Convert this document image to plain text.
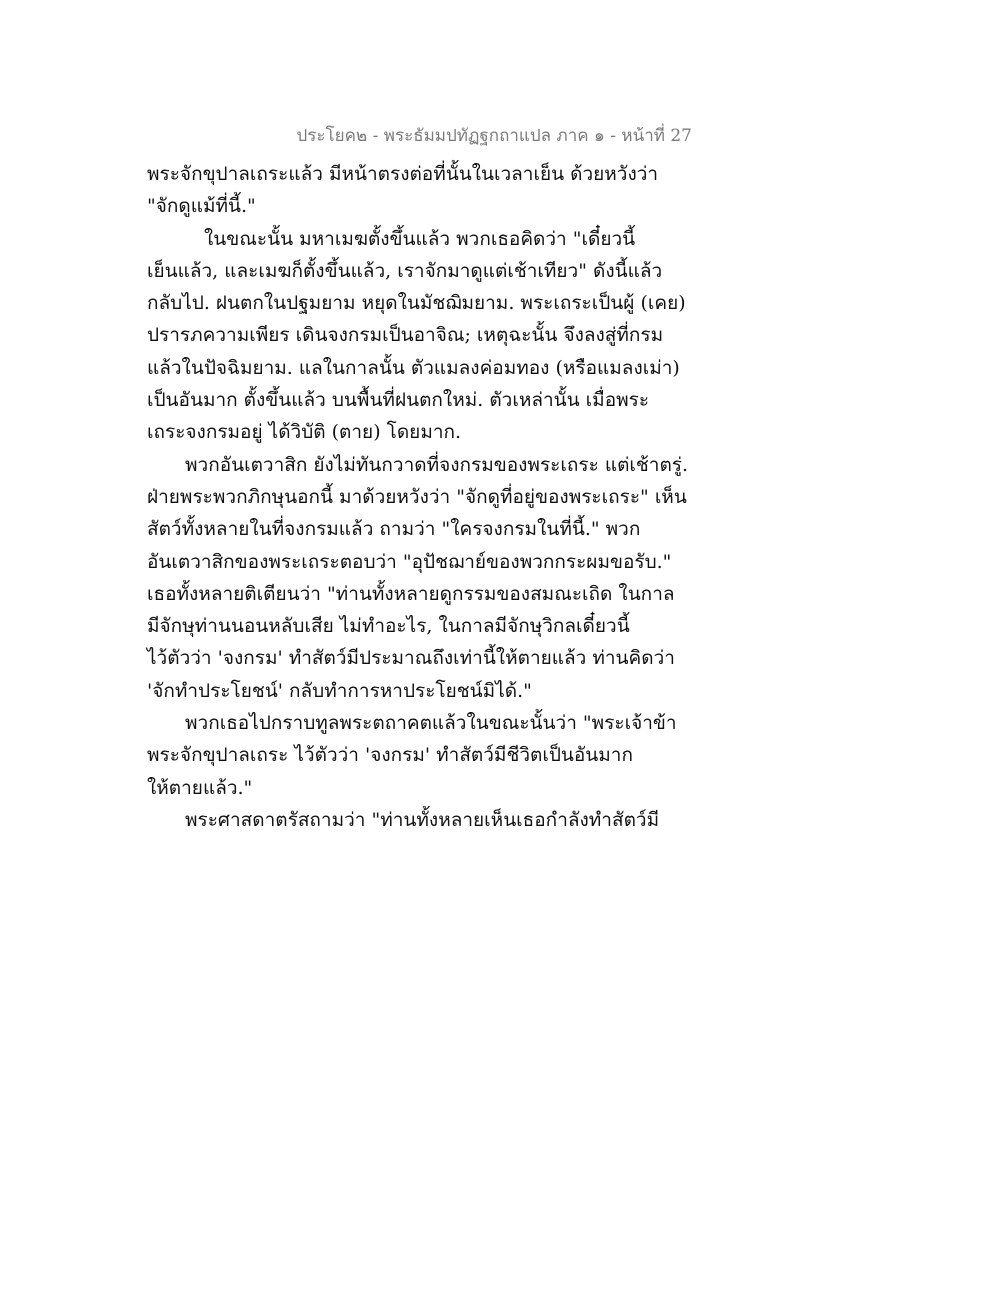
ประโยค๒ - พระธัมมปทัฏฐกถาแปล ภาค ๑ - หน้าที่ 27
พระจักขุปาลเถระแล้ว มีหน้าตรงต่อที่นั้นในเวลาเย็น ด้วยหวังว่า
"จักดูแม้ที่นี้."
ในขณะนั้น มหาเมฆตั้งขึ้นแล้ว พวกเธอคิดว่า "เดี๋ยวนี้
เย็นแล้ว, และเมฆก็ตั้งขึ้นแล้ว, เราจักมาดูแต่เช้าเทียว" ดังนี้แล้ว
กลับไป. ฝนตกในปฐมยาม หยุดในมัชฌิมยาม. พระเถระเป็นผู้ (เคย)
ปรารภความเพียร เดินจงกรมเป็นอาจิณ; เหตุฉะนั้น จึงลงสู่ที่กรม
แล้วในปัจฉิมยาม. แลในกาลนั้น ตัวแมลงค่อมทอง (หรือแมลงเม่า)
เป็นอันมาก ตั้งขึ้นแล้ว บนพื้นที่ฝนตกใหม่. ตัวเหล่านั้น เมื่อพระ
เถระจงกรมอยู่ ได้วิบัติ (ตาย) โดยมาก.
พวกอันเตวาสิก ยังไม่ทันกวาดที่จงกรมของพระเถระ แต่เช้าตรู่.
ฝ่ายพระพวกภิกษุนอกนี้ มาด้วยหวังว่า "จักดูที่อยู่ของพระเถระ" เห็น
สัตว์ทั้งหลายในที่จงกรมแล้ว ถามว่า "ใครจงกรมในที่นี้." พวก
อันเตวาสิกของพระเถระตอบว่า "อุปัชฌาย์ของพวกกระผมขอรับ."
เธอทั้งหลายติเตียนว่า "ท่านทั้งหลายดูกรรมของสมณะเถิด ในกาล
มีจักษุท่านนอนหลับเสีย ไม่ทำอะไร, ในกาลมีจักษุวิกลเดี๋ยวนี้
ไว้ตัวว่า 'จงกรม' ทำสัตว์มีประมาณถึงเท่านี้ให้ตายแล้ว ท่านคิดว่า
'จักทำประโยชน์' กลับทำการหาประโยชน์มิได้."
พวกเธอไปกราบทูลพระตถาคตแล้วในขณะนั้นว่า "พระเจ้าข้า
พระจักขุปาลเถระ ไว้ตัวว่า 'จงกรม' ทำสัตว์มีชีวิตเป็นอันมาก
ให้ตายแล้ว."
พระศาสดาตรัสถามว่า "ท่านทั้งหลายเห็นเธอกำลังทำสัตว์มี
